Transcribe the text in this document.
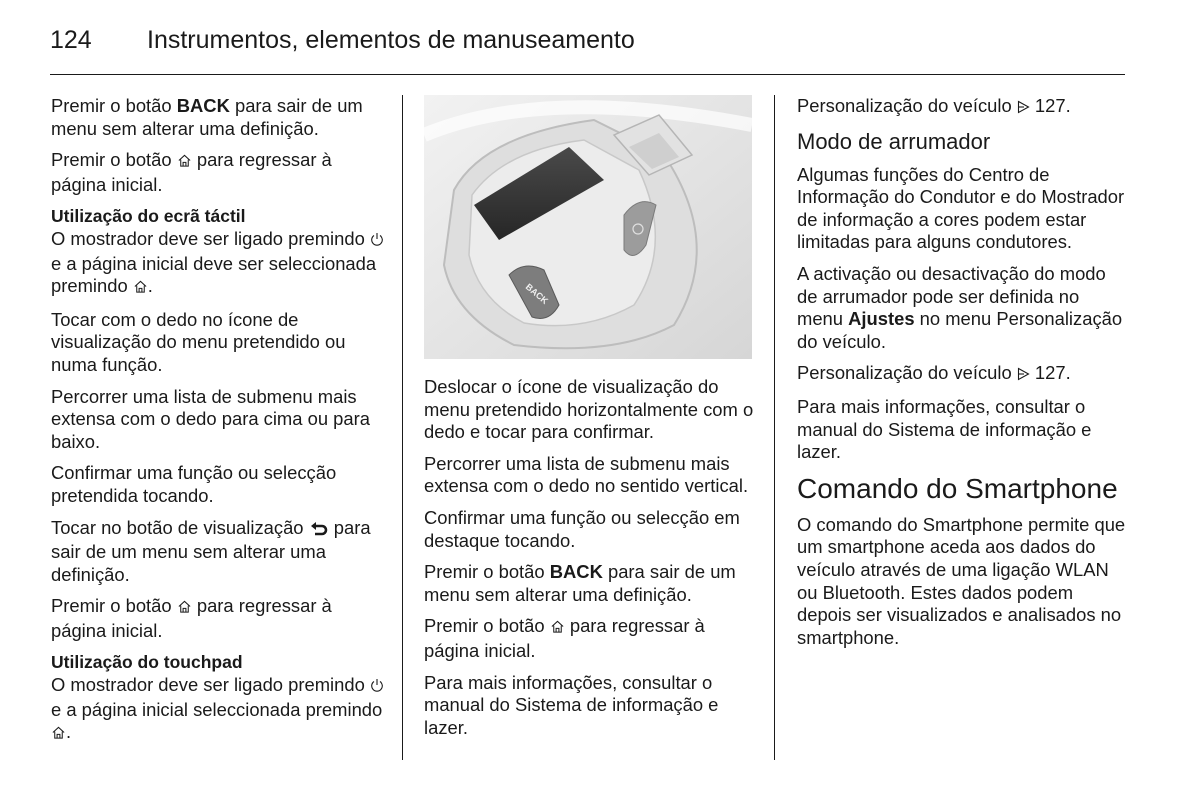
124 Instrumentos, elementos de manuseamento

Premir o botão BACK para sair de um menu sem alterar uma definição.

Premir o botão  para regressar à página inicial.

Utilização do ecrã táctil
O mostrador deve ser ligado premindo  e a página inicial deve ser seleccionada premindo .

Tocar com o dedo no ícone de visualização do menu pretendido ou numa função.

Percorrer uma lista de submenu mais extensa com o dedo para cima ou para baixo.

Confirmar uma função ou selecção pretendida tocando.

Tocar no botão de visualização  para sair de um menu sem alterar uma definição.

Premir o botão  para regressar à página inicial.

Utilização do touchpad
O mostrador deve ser ligado premindo  e a página inicial seleccionada premindo .

BACK

Deslocar o ícone de visualização do menu pretendido horizontalmente com o dedo e tocar para confirmar.

Percorrer uma lista de submenu mais extensa com o dedo no sentido vertical.

Confirmar uma função ou selecção em destaque tocando.

Premir o botão BACK para sair de um menu sem alterar uma definição.

Premir o botão  para regressar à página inicial.

Para mais informações, consultar o manual do Sistema de informação e lazer.

Personalização do veículo  127.

Modo de arrumador

Algumas funções do Centro de Informação do Condutor e do Mostrador de informação a cores podem estar limitadas para alguns condutores.

A activação ou desactivação do modo de arrumador pode ser definida no menu Ajustes no menu Personalização do veículo.

Personalização do veículo  127.

Para mais informações, consultar o manual do Sistema de informação e lazer.

Comando do Smartphone

O comando do Smartphone permite que um smartphone aceda aos dados do veículo através de uma ligação WLAN ou Bluetooth. Estes dados podem depois ser visualizados e analisados no smartphone.
